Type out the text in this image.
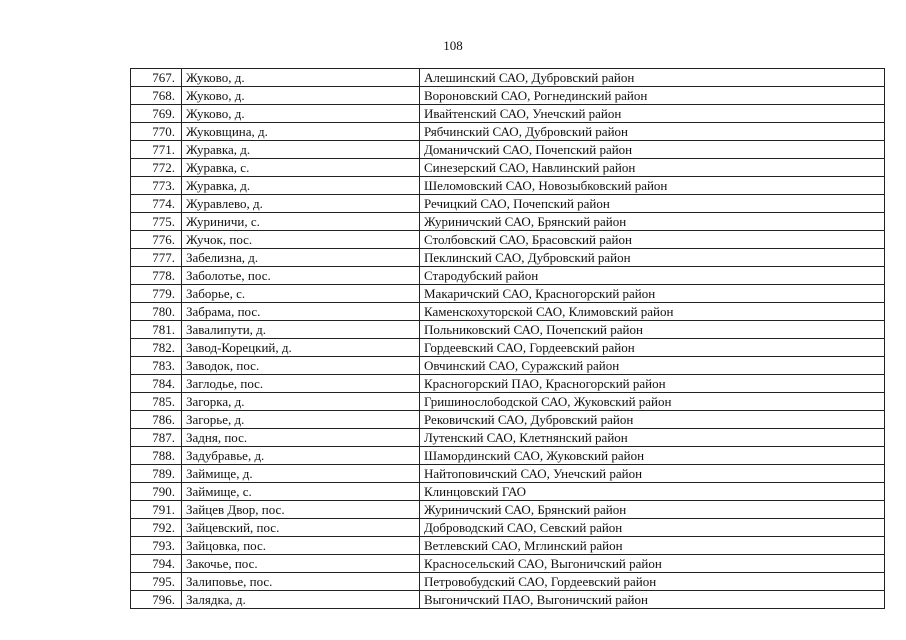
108
767.	Жуково, д.	Алешинский САО, Дубровский район
768.	Жуково, д.	Вороновский САО, Рогнединский район
769.	Жуково, д.	Ивайтенский САО, Унечский район
770.	Жуковщина, д.	Рябчинский САО, Дубровский район
771.	Журавка, д.	Доманичский САО, Почепский район
772.	Журавка, с.	Синезерский САО, Навлинский район
773.	Журавка, д.	Шеломовский САО, Новозыбковский район
774.	Журавлево, д.	Речицкий САО, Почепский район
775.	Журиничи, с.	Журиничский САО, Брянский район
776.	Жучок, пос.	Столбовский САО, Брасовский район
777.	Забелизна, д.	Пеклинский САО, Дубровский район
778.	Заболотье, пос.	Стародубский район
779.	Заборье, с.	Макаричский САО, Красногорский район
780.	Забрама, пос.	Каменскохуторской САО, Климовский район
781.	Завалипути, д.	Польниковский САО, Почепский район
782.	Завод-Корецкий, д.	Гордеевский САО, Гордеевский район
783.	Заводок, пос.	Овчинский САО, Суражский район
784.	Заглодье, пос.	Красногорский ПАО, Красногорский район
785.	Загорка, д.	Гришинослободской САО, Жуковский район
786.	Загорье, д.	Рековичский САО, Дубровский район
787.	Задня, пос.	Лутенский САО, Клетнянский район
788.	Задубравье, д.	Шамординский САО, Жуковский район
789.	Займище, д.	Найтоповичский САО, Унечский район
790.	Займище, с.	Клинцовский ГАО
791.	Зайцев Двор, пос.	Журиничский САО, Брянский район
792.	Зайцевский, пос.	Доброводский САО, Севский район
793.	Зайцовка, пос.	Ветлевский САО, Мглинский район
794.	Закочье, пос.	Красносельский САО, Выгоничский район
795.	Залиповье, пос.	Петровобудский САО, Гордеевский район
796.	Залядка, д.	Выгоничский ПАО, Выгоничский район
